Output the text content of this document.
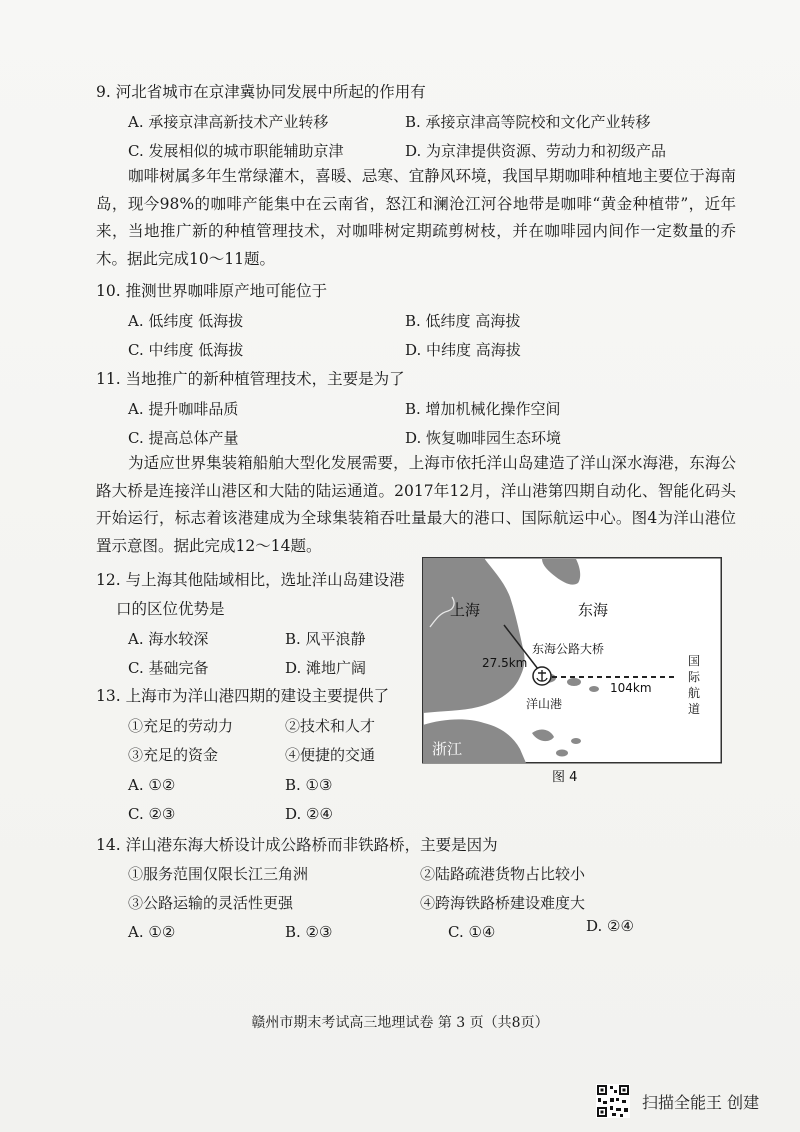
9. 河北省城市在京津冀协同发展中所起的作用有
A. 承接京津高新技术产业转移	B. 承接京津高等院校和文化产业转移
C. 发展相似的城市职能辅助京津	D. 为京津提供资源、劳动力和初级产品
咖啡树属多年生常绿灌木，喜暖、忌寒、宜静风环境，我国早期咖啡种植地主要位于海南岛，现今98%的咖啡产能集中在云南省，怒江和澜沧江河谷地带是咖啡“黄金种植带”，近年来，当地推广新的种植管理技术，对咖啡树定期疏剪树枝，并在咖啡园内间作一定数量的乔木。据此完成10～11题。
10. 推测世界咖啡原产地可能位于
A. 低纬度 低海拔	B. 低纬度 高海拔
C. 中纬度 低海拔	D. 中纬度 高海拔
11. 当地推广的新种植管理技术，主要是为了
A. 提升咖啡品质	B. 增加机械化操作空间
C. 提高总体产量	D. 恢复咖啡园生态环境
为适应世界集装箱船舶大型化发展需要，上海市依托洋山岛建造了洋山深水海港，东海公路大桥是连接洋山港区和大陆的陆运通道。2017年12月，洋山港第四期自动化、智能化码头开始运行，标志着该港建成为全球集装箱吞吐量最大的港口、国际航运中心。图4为洋山港位置示意图。据此完成12～14题。
12. 与上海其他陆域相比，选址洋山岛建设港
口的区位优势是
A. 海水较深	B. 风平浪静
C. 基础完备	D. 滩地广阔
13. 上海市为洋山港四期的建设主要提供了
①充足的劳动力	②技术和人才
③充足的资金	④便捷的交通
A. ①②	B. ①③
C. ②③	D. ②④
上海	东海
东海公路大桥
27.5km
104km
洋山港
浙江
国
际
航
道
图 4
14. 洋山港东海大桥设计成公路桥而非铁路桥，主要是因为
①服务范围仅限长江三角洲	②陆路疏港货物占比较小
③公路运输的灵活性更强	④跨海铁路桥建设难度大
A. ①②	B. ②③	C. ①④	D. ②④
赣州市期末考试高三地理试卷 第 3 页（共8页）
扫描全能王 创建
